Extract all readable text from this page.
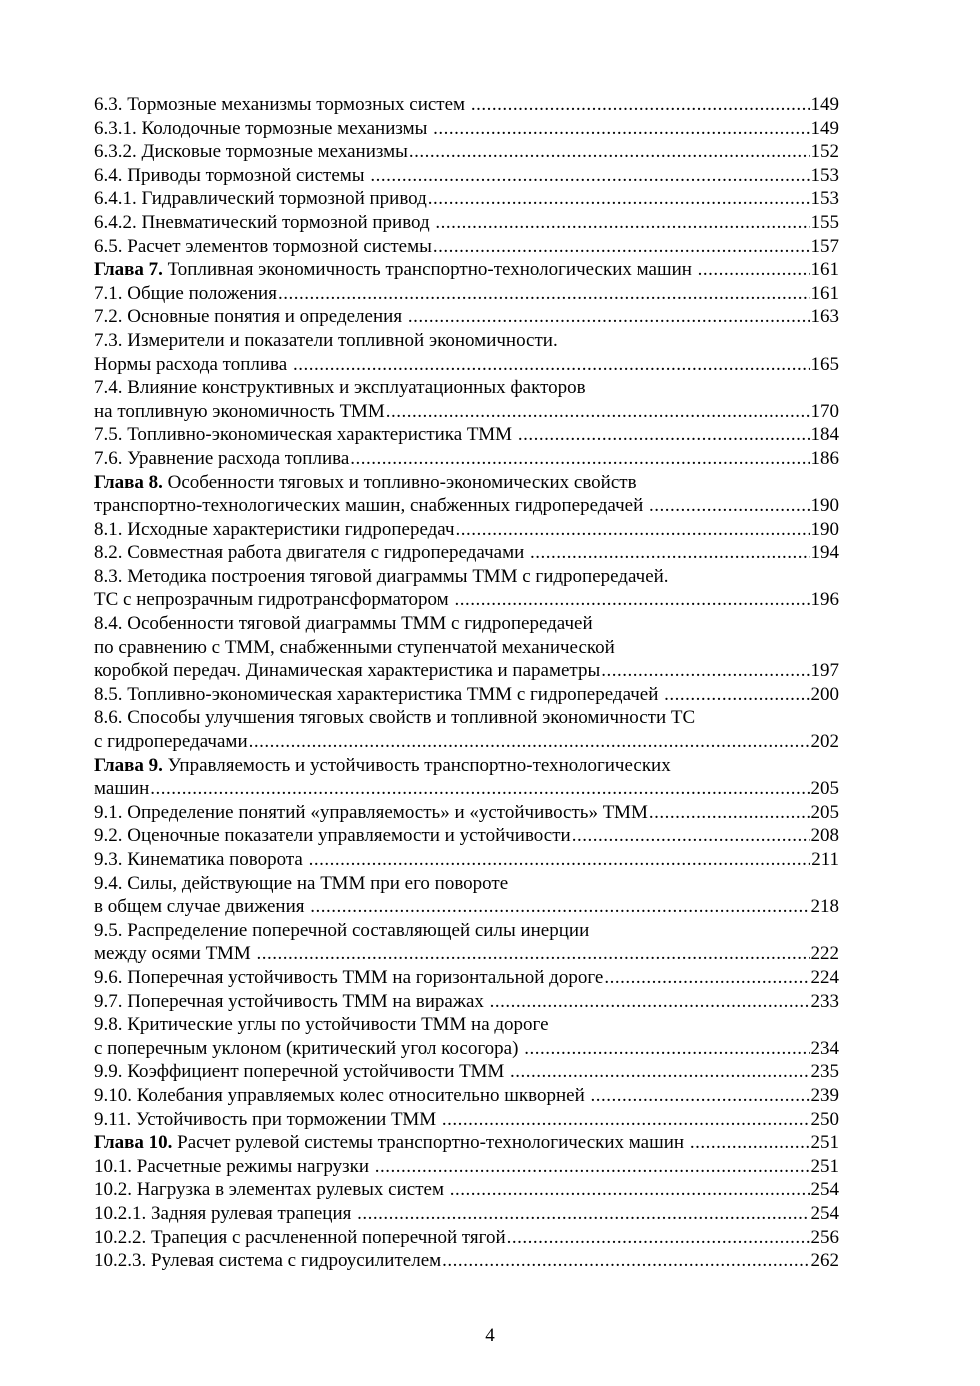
6.3. Тормозные механизмы тормозных систем .....	149
6.3.1. Колодочные тормозные механизмы .....	149
6.3.2. Дисковые тормозные механизмы .....	152
6.4. Приводы тормозной системы .....	153
6.4.1. Гидравлический тормозной привод .....	153
6.4.2. Пневматический тормозной привод .....	155
6.5. Расчет элементов тормозной системы .....	157
Глава 7. Топливная экономичность транспортно-технологических машин .....	161
7.1. Общие положения .....	161
7.2. Основные понятия и определения .....	163
7.3. Измерители и показатели топливной экономичности.
Нормы расхода топлива .....	165
7.4. Влияние конструктивных и эксплуатационных факторов
на топливную экономичность ТММ .....	170
7.5. Топливно-экономическая характеристика ТММ .....	184
7.6. Уравнение расхода топлива .....	186
Глава 8. Особенности тяговых и топливно-экономических свойств
транспортно-технологических машин, снабженных гидропередачей .....	190
8.1. Исходные характеристики гидропередач .....	190
8.2. Совместная работа двигателя с гидропередачами .....	194
8.3. Методика построения тяговой диаграммы ТММ с гидропередачей.
ТС с непрозрачным гидротрансформатором .....	196
8.4. Особенности тяговой диаграммы ТММ с гидропередачей
по сравнению с ТММ, снабженными ступенчатой механической
коробкой передач. Динамическая характеристика и параметры .....	197
8.5. Топливно-экономическая характеристика ТММ с гидропередачей .....	200
8.6. Способы улучшения тяговых свойств и топливной экономичности ТС
с гидропередачами .....	202
Глава 9. Управляемость и устойчивость транспортно-технологических
машин .....	205
9.1. Определение понятий «управляемость» и «устойчивость» ТММ .....	205
9.2. Оценочные показатели управляемости и устойчивости .....	208
9.3. Кинематика поворота .....	211
9.4. Силы, действующие на ТММ при его повороте
в общем случае движения .....	218
9.5. Распределение поперечной составляющей силы инерции
между осями ТММ .....	222
9.6. Поперечная устойчивость ТММ на горизонтальной дороге .....	224
9.7. Поперечная устойчивость ТММ на виражах .....	233
9.8. Критические углы по устойчивости ТММ на дороге
с поперечным уклоном (критический угол косогора) .....	234
9.9. Коэффициент поперечной устойчивости ТММ .....	235
9.10. Колебания управляемых колес относительно шкворней .....	239
9.11. Устойчивость при торможении ТММ .....	250
Глава 10. Расчет рулевой системы транспортно-технологических машин .....	251
10.1. Расчетные режимы нагрузки .....	251
10.2. Нагрузка в элементах рулевых систем .....	254
10.2.1. Задняя рулевая трапеция .....	254
10.2.2. Трапеция с расчлененной поперечной тягой .....	256
10.2.3. Рулевая система с гидроусилителем .....	262
4
